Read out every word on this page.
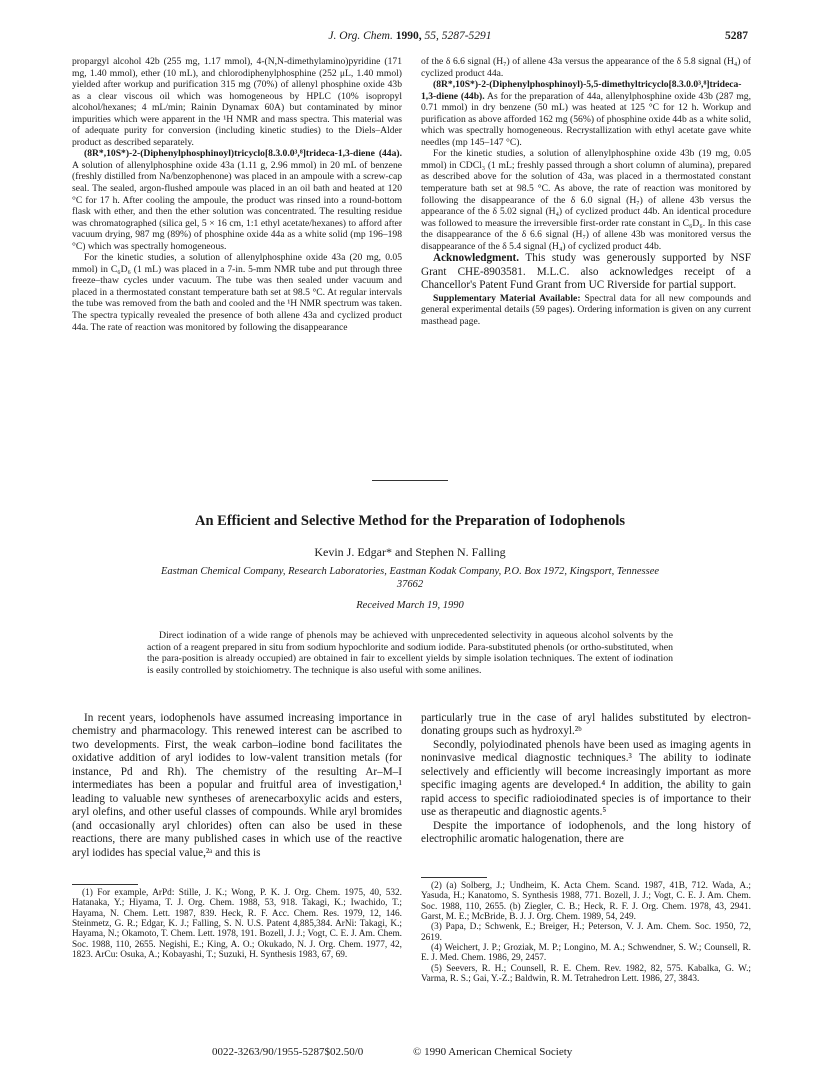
J. Org. Chem. 1990, 55, 5287-5291	5287

propargyl alcohol 42b (255 mg, 1.17 mmol), 4-(N,N-dimethylamino)pyridine (171 mg, 1.40 mmol), ether (10 mL), and chlorodiphenylphosphine (252 μL, 1.40 mmol) yielded after workup and purification 315 mg (70%) of allenyl phosphine oxide 43b as a clear viscous oil which was homogeneous by HPLC (10% isopropyl alcohol/hexanes; 4 mL/min; Rainin Dynamax 60A) but contaminated by minor impurities which were apparent in the ¹H NMR and mass spectra. This material was of adequate purity for conversion (including kinetic studies) to the Diels–Alder product as described separately.

(8R*,10S*)-2-(Diphenylphosphinoyl)tricyclo[8.3.0.0³,⁸]trideca-1,3-diene (44a). A solution of allenylphosphine oxide 43a (1.11 g, 2.96 mmol) in 20 mL of benzene (freshly distilled from Na/benzophenone) was placed in an ampoule with a screw-cap seal. The sealed, argon-flushed ampoule was placed in an oil bath and heated at 120 °C for 17 h. After cooling the ampoule, the product was rinsed into a round-bottom flask with ether, and then the ether solution was concentrated. The resulting residue was chromatographed (silica gel, 5 × 16 cm, 1:1 ethyl acetate/hexanes) to afford after vacuum drying, 987 mg (89%) of phosphine oxide 44a as a white solid (mp 196–198 °C) which was spectrally homogeneous.

For the kinetic studies, a solution of allenylphosphine oxide 43a (20 mg, 0.05 mmol) in C₆D₆ (1 mL) was placed in a 7-in. 5-mm NMR tube and put through three freeze–thaw cycles under vacuum. The tube was then sealed under vacuum and placed in a thermostated constant temperature bath set at 98.5 °C. At regular intervals the tube was removed from the bath and cooled and the ¹H NMR spectrum was taken. The spectra typically revealed the presence of both allene 43a and cyclized product 44a. The rate of reaction was monitored by following the disappearance

of the δ 6.6 signal (H₇) of allene 43a versus the appearance of the δ 5.8 signal (H₄) of cyclized product 44a.

(8R*,10S*)-2-(Diphenylphosphinoyl)-5,5-dimethyltricyclo[8.3.0.0³,⁸]trideca-1,3-diene (44b). As for the preparation of 44a, allenylphosphine oxide 43b (287 mg, 0.71 mmol) in dry benzene (50 mL) was heated at 125 °C for 12 h. Workup and purification as above afforded 162 mg (56%) of phosphine oxide 44b as a white solid, which was spectrally homogeneous. Recrystallization with ethyl acetate gave white needles (mp 145–147 °C).

For the kinetic studies, a solution of allenylphosphine oxide 43b (19 mg, 0.05 mmol) in CDCl₃ (1 mL; freshly passed through a short column of alumina), prepared as described above for the solution of 43a, was placed in a thermostated constant temperature bath set at 98.5 °C. As above, the rate of reaction was monitored by following the disappearance of the δ 6.0 signal (H₇) of allene 43b versus the appearance of the δ 5.02 signal (H₄) of cyclized product 44b. An identical procedure was followed to measure the irreversible first-order rate constant in C₆D₆. In this case the disappearance of the δ 6.6 signal (H₇) of allene 43b was monitored versus the disappearance of the δ 5.4 signal (H₄) of cyclized product 44b.

Acknowledgment. This study was generously supported by NSF Grant CHE-8903581. M.L.C. also acknowledges receipt of a Chancellor's Patent Fund Grant from UC Riverside for partial support.

Supplementary Material Available: Spectral data for all new compounds and general experimental details (59 pages). Ordering information is given on any current masthead page.

An Efficient and Selective Method for the Preparation of Iodophenols
Kevin J. Edgar* and Stephen N. Falling
Eastman Chemical Company, Research Laboratories, Eastman Kodak Company, P.O. Box 1972, Kingsport, Tennessee 37662
Received March 19, 1990
Direct iodination of a wide range of phenols may be achieved with unprecedented selectivity in aqueous alcohol solvents by the action of a reagent prepared in situ from sodium hypochlorite and sodium iodide. Para-substituted phenols (or ortho-substituted, when the para-position is already occupied) are obtained in fair to excellent yields by simple isolation techniques. The extent of iodination is easily controlled by stoichiometry. The technique is also useful with some anilines.

In recent years, iodophenols have assumed increasing importance in chemistry and pharmacology. This renewed interest can be ascribed to two developments. First, the weak carbon–iodine bond facilitates the oxidative addition of aryl iodides to low-valent transition metals (for instance, Pd and Rh). The chemistry of the resulting Ar–M–I intermediates has been a popular and fruitful area of investigation,¹ leading to valuable new syntheses of arenecarboxylic acids and esters, aryl olefins, and other useful classes of compounds. While aryl bromides (and occasionally aryl chlorides) often can also be used in these reactions, there are many published cases in which use of the reactive aryl iodides has special value,²ᵃ and this is

particularly true in the case of aryl halides substituted by electron-donating groups such as hydroxyl.²ᵇ

Secondly, polyiodinated phenols have been used as imaging agents in noninvasive medical diagnostic techniques.³ The ability to iodinate selectively and efficiently will become increasingly important as more specific imaging agents are developed.⁴ In addition, the ability to gain rapid access to specific radioiodinated species is of importance to their use as therapeutic and diagnostic agents.⁵

Despite the importance of iodophenols, and the long history of electrophilic aromatic halogenation, there are

(1) For example, ArPd: Stille, J. K.; Wong, P. K. J. Org. Chem. 1975, 40, 532. Hatanaka, Y.; Hiyama, T. J. Org. Chem. 1988, 53, 918. Takagi, K.; Iwachido, T.; Hayama, N. Chem. Lett. 1987, 839. Heck, R. F. Acc. Chem. Res. 1979, 12, 146. Steinmetz, G. R.; Edgar, K. J.; Falling, S. N. U.S. Patent 4,885,384. ArNi: Takagi, K.; Hayama, N.; Okamoto, T. Chem. Lett. 1978, 191. Bozell, J. J.; Vogt, C. E. J. Am. Chem. Soc. 1988, 110, 2655. Negishi, E.; King, A. O.; Okukado, N. J. Org. Chem. 1977, 42, 1823. ArCu: Osuka, A.; Kobayashi, T.; Suzuki, H. Synthesis 1983, 67, 69.

(2) (a) Solberg, J.; Undheim, K. Acta Chem. Scand. 1987, 41B, 712. Wada, A.; Yasuda, H.; Kanatomo, S. Synthesis 1988, 771. Bozell, J. J.; Vogt, C. E. J. Am. Chem. Soc. 1988, 110, 2655. (b) Ziegler, C. B.; Heck, R. F. J. Org. Chem. 1978, 43, 2941. Garst, M. E.; McBride, B. J. J. Org. Chem. 1989, 54, 249.

(3) Papa, D.; Schwenk, E.; Breiger, H.; Peterson, V. J. Am. Chem. Soc. 1950, 72, 2619.

(4) Weichert, J. P.; Groziak, M. P.; Longino, M. A.; Schwendner, S. W.; Counsell, R. E. J. Med. Chem. 1986, 29, 2457.

(5) Seevers, R. H.; Counsell, R. E. Chem. Rev. 1982, 82, 575. Kabalka, G. W.; Varma, R. S.; Gai, Y.-Z.; Baldwin, R. M. Tetrahedron Lett. 1986, 27, 3843.

0022-3263/90/1955-5287$02.50/0	© 1990 American Chemical Society
